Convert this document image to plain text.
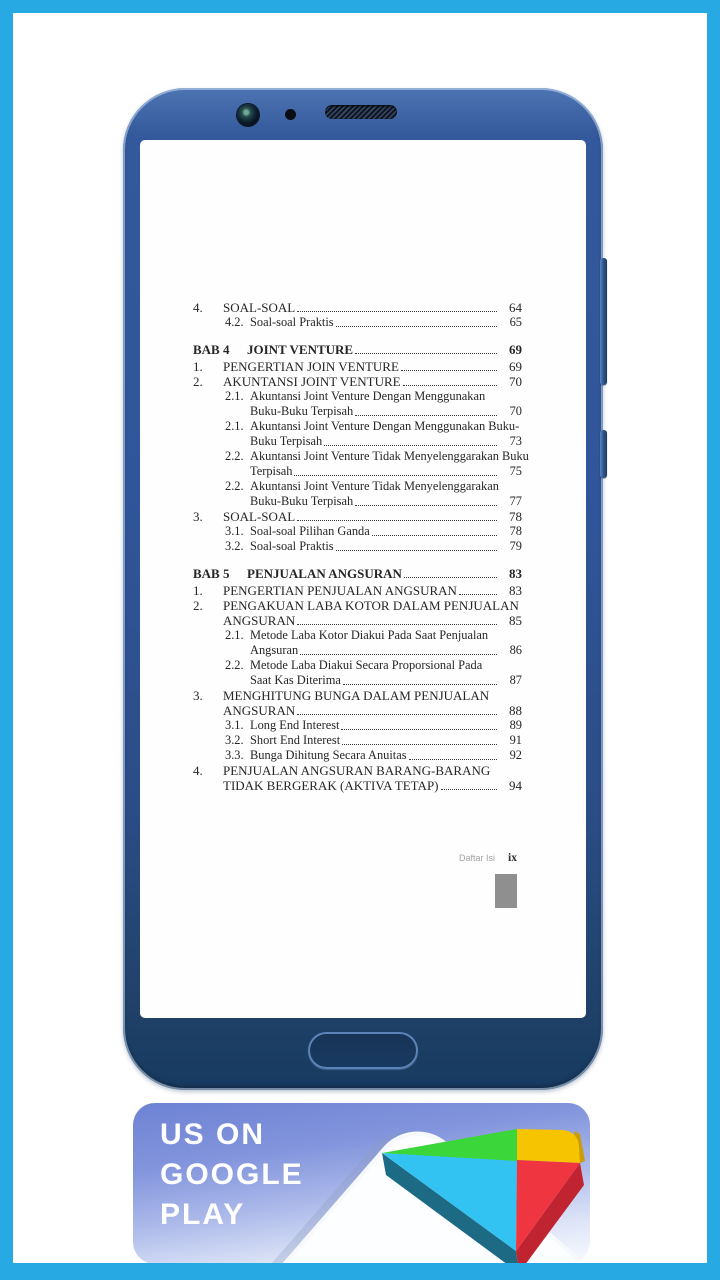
4.	SOAL-SOAL	64
4.2. Soal-soal Praktis	65
BAB 4	JOINT VENTURE	69
1.	PENGERTIAN JOIN VENTURE	69
2.	AKUNTANSI JOINT VENTURE	70
2.1. Akuntansi Joint Venture Dengan Menggunakan
Buku-Buku Terpisah	70
2.1. Akuntansi Joint Venture Dengan Menggunakan Buku-
Buku Terpisah	73
2.2. Akuntansi Joint Venture Tidak Menyelenggarakan Buku
Terpisah	75
2.2. Akuntansi Joint Venture Tidak Menyelenggarakan
Buku-Buku Terpisah	77
3.	SOAL-SOAL	78
3.1. Soal-soal Pilihan Ganda	78
3.2. Soal-soal Praktis	79
BAB 5	PENJUALAN ANGSURAN	83
1.	PENGERTIAN PENJUALAN ANGSURAN	83
2.	PENGAKUAN LABA KOTOR DALAM PENJUALAN
ANGSURAN	85
2.1. Metode Laba Kotor Diakui Pada Saat Penjualan
Angsuran	86
2.2. Metode Laba Diakui Secara Proporsional Pada
Saat Kas Diterima	87
3.	MENGHITUNG BUNGA DALAM PENJUALAN
ANGSURAN	88
3.1. Long End Interest	89
3.2. Short End Interest	91
3.3. Bunga Dihitung Secara Anuitas	92
4.	PENJUALAN ANGSURAN BARANG-BARANG
TIDAK BERGERAK (AKTIVA TETAP)	94
Daftar Isi ix
US ON
GOOGLE
PLAY
